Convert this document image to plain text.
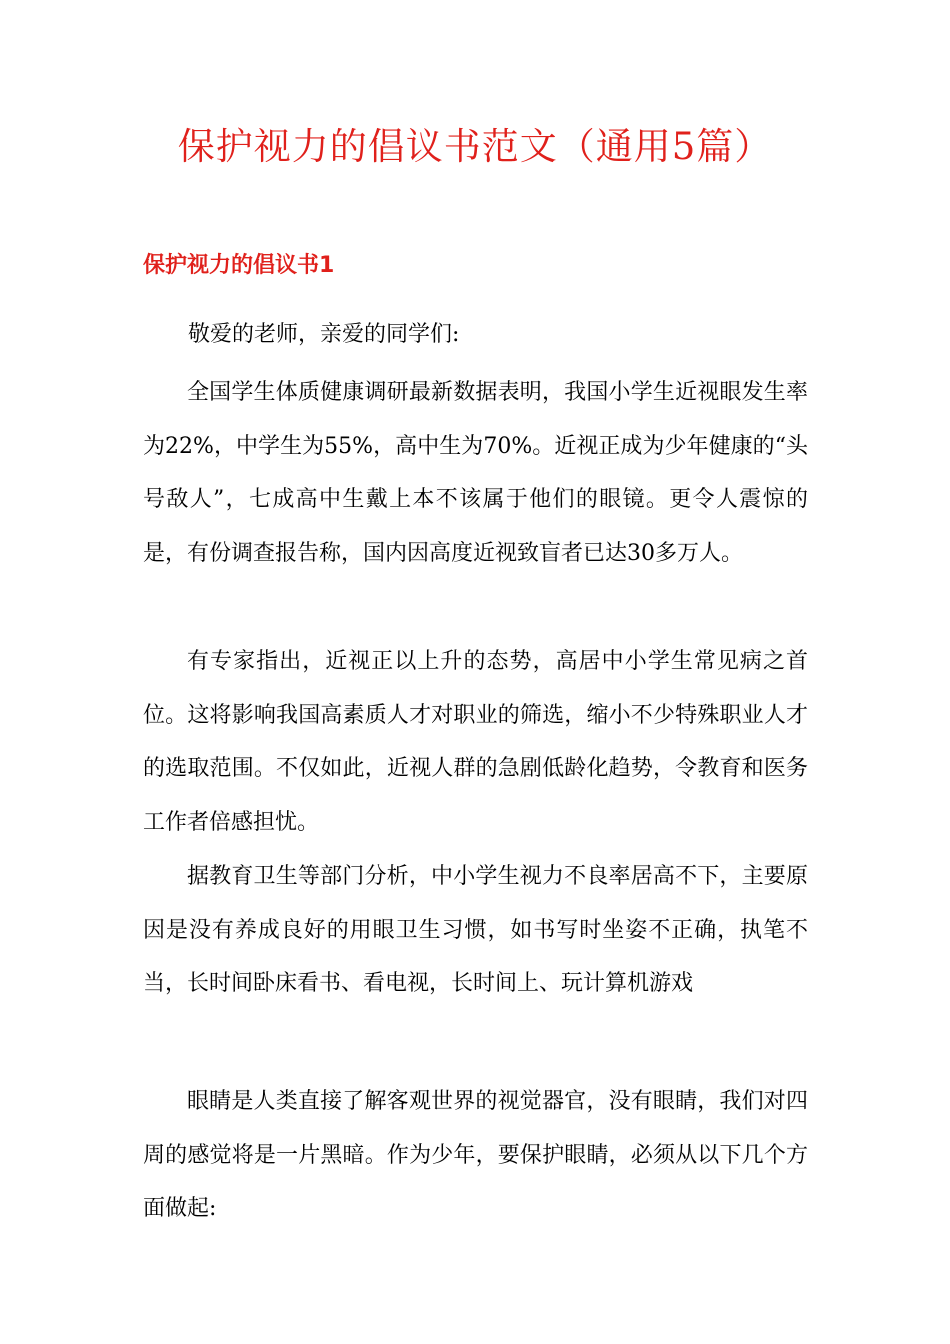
保护视力的倡议书范文（通用5篇）
保护视力的倡议书1
敬爱的老师，亲爱的同学们:

全国学生体质健康调研最新数据表明，我国小学生近视眼发生率为22%，中学生为55%，高中生为70%。近视正成为少年健康的“头号敌人”，七成高中生戴上本不该属于他们的眼镜。更令人震惊的是，有份调查报告称，国内因高度近视致盲者已达30多万人。

有专家指出，近视正以上升的态势，高居中小学生常见病之首位。这将影响我国高素质人才对职业的筛选，缩小不少特殊职业人才的选取范围。不仅如此，近视人群的急剧低龄化趋势，令教育和医务工作者倍感担忧。

据教育卫生等部门分析，中小学生视力不良率居高不下，主要原因是没有养成良好的用眼卫生习惯，如书写时坐姿不正确，执笔不当，长时间卧床看书、看电视，长时间上、玩计算机游戏

眼睛是人类直接了解客观世界的视觉器官，没有眼睛，我们对四周的感觉将是一片黑暗。作为少年，要保护眼睛，必须从以下几个方面做起:
